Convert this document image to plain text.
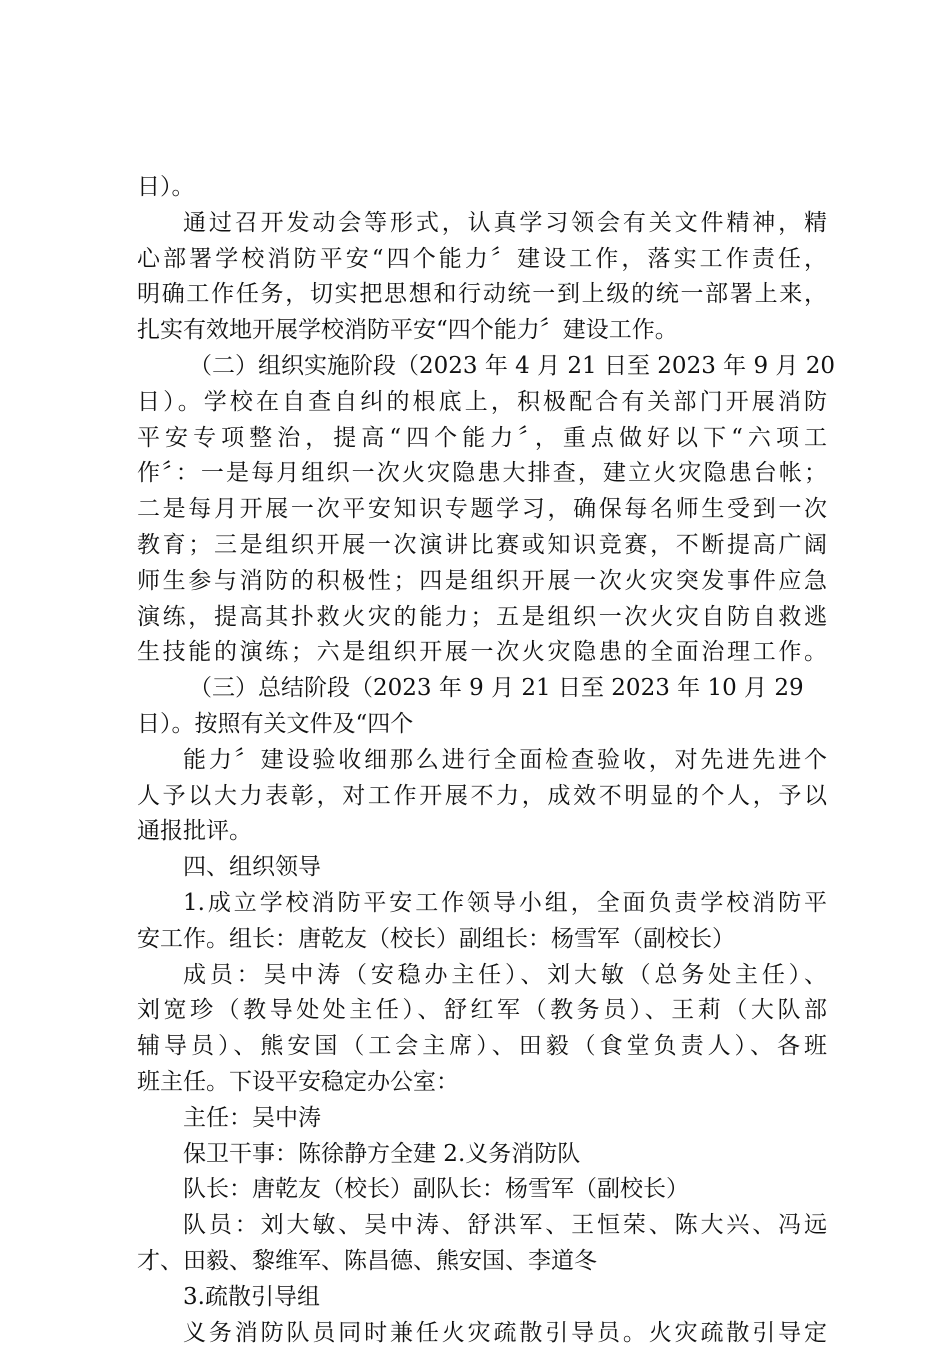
日）。
通过召开发动会等形式，认真学习领会有关文件精神，精
心部署学校消防平安“四个能力〞建设工作，落实工作责任，
明确工作任务，切实把思想和行动统一到上级的统一部署上来，
扎实有效地开展学校消防平安“四个能力〞建设工作。
（二）组织实施阶段（2023 年 4 月 21 日至 2023 年 9 月 20
日）。学校在自查自纠的根底上，积极配合有关部门开展消防
平安专项整治，提高“四个能力〞，重点做好以下“六项工
作〞：一是每月组织一次火灾隐患大排查，建立火灾隐患台帐；
二是每月开展一次平安知识专题学习，确保每名师生受到一次
教育；三是组织开展一次演讲比赛或知识竞赛，不断提高广阔
师生参与消防的积极性；四是组织开展一次火灾突发事件应急
演练，提高其扑救火灾的能力；五是组织一次火灾自防自救逃
生技能的演练；六是组织开展一次火灾隐患的全面治理工作。
（三）总结阶段（2023 年 9 月 21 日至 2023 年 10 月 29
日）。按照有关文件及“四个
能力〞建设验收细那么进行全面检查验收，对先进先进个
人予以大力表彰，对工作开展不力，成效不明显的个人，予以
通报批评。
四、组织领导
1.成立学校消防平安工作领导小组，全面负责学校消防平
安工作。组长：唐乾友（校长）副组长：杨雪军（副校长）
成员：吴中涛（安稳办主任）、刘大敏（总务处主任）、
刘宽珍（教导处处主任）、舒红军（教务员）、王莉（大队部
辅导员）、熊安国（工会主席）、田毅（食堂负责人）、各班
班主任。下设平安稳定办公室：
主任：吴中涛
保卫干事：陈徐静方全建 2.义务消防队
队长：唐乾友（校长）副队长：杨雪军（副校长）
队员：刘大敏、吴中涛、舒洪军、王恒荣、陈大兴、冯远
才、田毅、黎维军、陈昌德、熊安国、李道冬
3.疏散引导组
义务消防队员同时兼任火灾疏散引导员。火灾疏散引导定
